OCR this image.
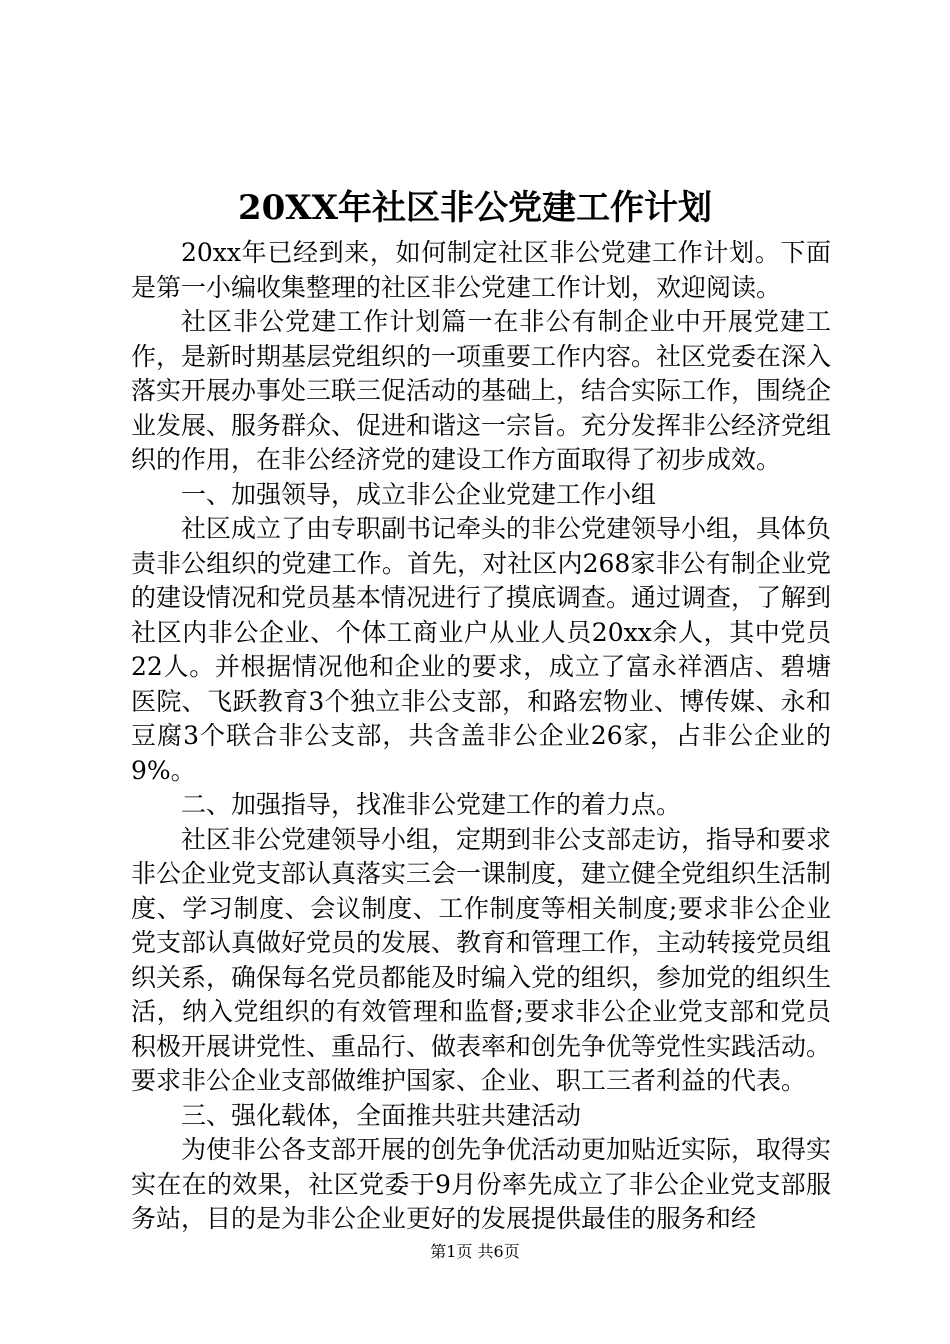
20XX年社区非公党建工作计划

20xx年已经到来，如何制定社区非公党建工作计划。下面是第一小编收集整理的社区非公党建工作计划，欢迎阅读。

社区非公党建工作计划篇一在非公有制企业中开展党建工作，是新时期基层党组织的一项重要工作内容。社区党委在深入落实开展办事处三联三促活动的基础上，结合实际工作，围绕企业发展、服务群众、促进和谐这一宗旨。充分发挥非公经济党组织的作用，在非公经济党的建设工作方面取得了初步成效。

一、加强领导，成立非公企业党建工作小组

社区成立了由专职副书记牵头的非公党建领导小组，具体负责非公组织的党建工作。首先，对社区内268家非公有制企业党的建设情况和党员基本情况进行了摸底调查。通过调查，了解到社区内非公企业、个体工商业户从业人员20xx余人，其中党员22人。并根据情况他和企业的要求，成立了富永祥酒店、碧塘医院、飞跃教育3个独立非公支部，和路宏物业、博传媒、永和豆腐3个联合非公支部，共含盖非公企业26家，占非公企业的9%。

二、加强指导，找准非公党建工作的着力点。

社区非公党建领导小组，定期到非公支部走访，指导和要求非公企业党支部认真落实三会一课制度，建立健全党组织生活制度、学习制度、会议制度、工作制度等相关制度;要求非公企业党支部认真做好党员的发展、教育和管理工作，主动转接党员组织关系，确保每名党员都能及时编入党的组织，参加党的组织生活，纳入党组织的有效管理和监督;要求非公企业党支部和党员积极开展讲党性、重品行、做表率和创先争优等党性实践活动。要求非公企业支部做维护国家、企业、职工三者利益的代表。

三、强化载体，全面推共驻共建活动

为使非公各支部开展的创先争优活动更加贴近实际，取得实实在在的效果，社区党委于9月份率先成立了非公企业党支部服务站，目的是为非公企业更好的发展提供最佳的服务和经

第1页 共6页
